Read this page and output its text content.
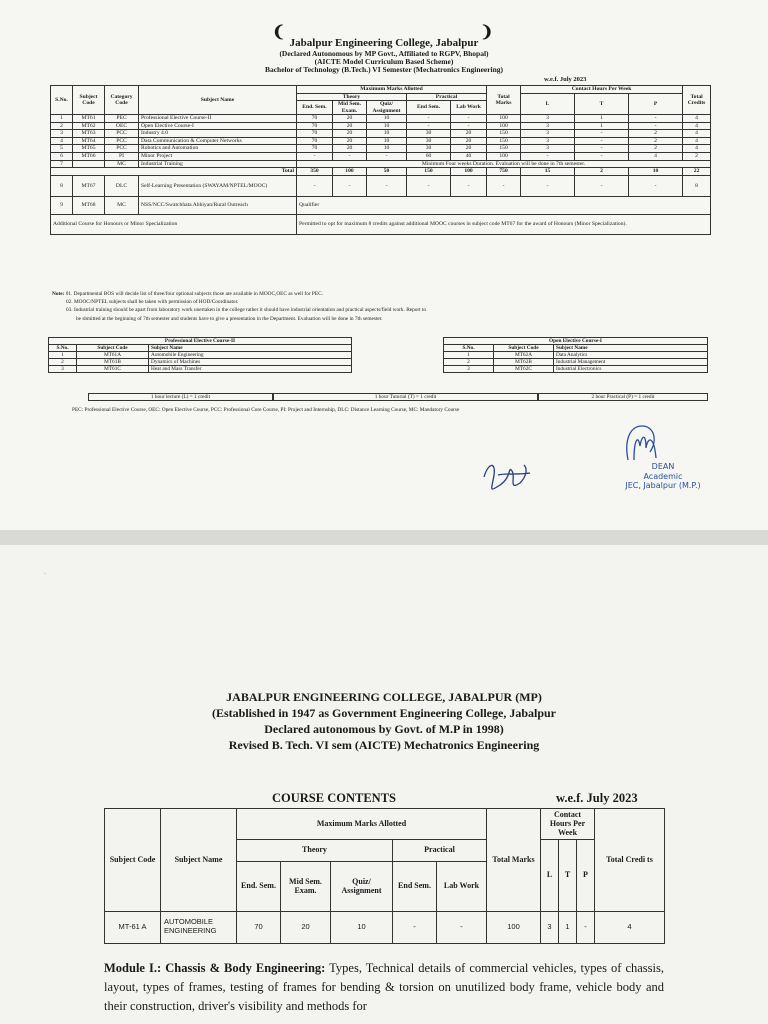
❨	❩
Jabalpur Engineering College, Jabalpur
(Declared Autonomous by MP Govt., Affiliated to RGPV, Bhopal)
(AICTE Model Curriculum Based Scheme)
Bachelor of Technology (B.Tech.) VI Semester (Mechatronics Engineering)
w.e.f. July 2023
S.No.	Subject Code	Category Code	Subject Name	Maximum Marks Allotted					Total Marks	Contact Hours Per Week			Total Credits
				Theory			Practical			L	T	P	
				End. Sem.	Mid Sem. Exam.	Quiz/ Assignment	End Sem.	Lab Work					
1	MT61	PEC	Professional Elective Course-II	70	20	10	-	-	100	3	1	-	4
2	MT62	OEC	Open Elective Course-I	70	20	10	-	-	100	3	1	-	4
3	MT63	PCC	Industry 4.0	70	20	10	30	20	150	3	-	2	4
4	MT64	PCC	Data Communication & Computer Networks	70	20	10	30	20	150	3	-	2	4
5	MT65	PCC	Robotics and Automation	70	20	10	30	20	150	3	-	2	4
6	MT66	PI	Minor Project	-	-	-	60	40	100	-	-	4	2
7		MC	Industrial Training	Minimum Four weeks Duration. Evaluation will be done in 7th semester.									
Total				350	100	50	150	100	750	15	2	10	22
8	MT67	DLC	Self-Learning Presentation (SWAYAM/NPTEL/MOOC)	-	-	-	-	-	-	-	-	-	8
9	MT68	MC	NSS/NCC/Swatchhata Abhiyan/Rural Outreach	Qualifier									
Additional Course for Honours or Minor Specialization				Permitted to opt for maximum 8 credits against additional MOOC courses in subject code MT67 for the award of Honours (Minor Specialization).									
Note: 01. Departmental BOS will decide list of three/four optional subjects those are available in MOOC,OEC as well for PEC.
02. MOOC/NPTEL subjects shall be taken with permission of HOD/Coordinator.
03. Industrial training should be apart from laboratory work unertaken in the college rather it should have industrial orientation and practical aspects/field work. Report to
be sbmitted at the beginning of 7th semester and students have to give a presentation in the Department. Evaluation will be done in 7th semester.
Professional Elective Course-II		
S.No.	Subject Code	Subject Name
1	MT61A	Automobile Engineering
2	MT61B	Dynamics of Machines
3	MT61C	Heat and Mass Transfer
Open Elective Course-I		
S.No.	Subject Code	Subject Name
1	MT62A	Data Analytics
2	MT62B	Industrial Management
3	MT62C	Industrial Electronics
1 hour lecture (L) = 1 credit	1 hour Tutorial (T) = 1 credit	2 hour Practical (P) = 1 credit
PEC: Professional Elective Course, OEC: Open Elective Course, PCC: Professional Core Course, PI: Project and Internship, DLC: Distance Learning Course, MC: Mandatory Course
DEAN
Academic
JEC, Jabalpur (M.P.)
․
JABALPUR ENGINEERING COLLEGE, JABALPUR (MP)
(Established in 1947 as Government Engineering College, Jabalpur
Declared autonomous by Govt. of M.P in 1998)
Revised B. Tech. VI sem (AICTE) Mechatronics Engineering
COURSE CONTENTS	w.e.f. July 2023
Subject Code	Subject Name	Maximum Marks Allotted					Total Marks	Contact Hours Per Week			Total Credi ts
		Theory			Practical			L	T	P	
		End. Sem.	Mid Sem. Exam.	Quiz/ Assignment	End Sem.	Lab Work					
MT-61 A	AUTOMOBILE ENGINEERING	70	20	10	-	-	100	3	1	-	4
Module I.: Chassis & Body Engineering: Types, Technical details of commercial vehicles, types of chassis, layout, types of frames, testing of frames for bending & torsion on unutilized body frame, vehicle body and their construction, driver's visibility and methods for
